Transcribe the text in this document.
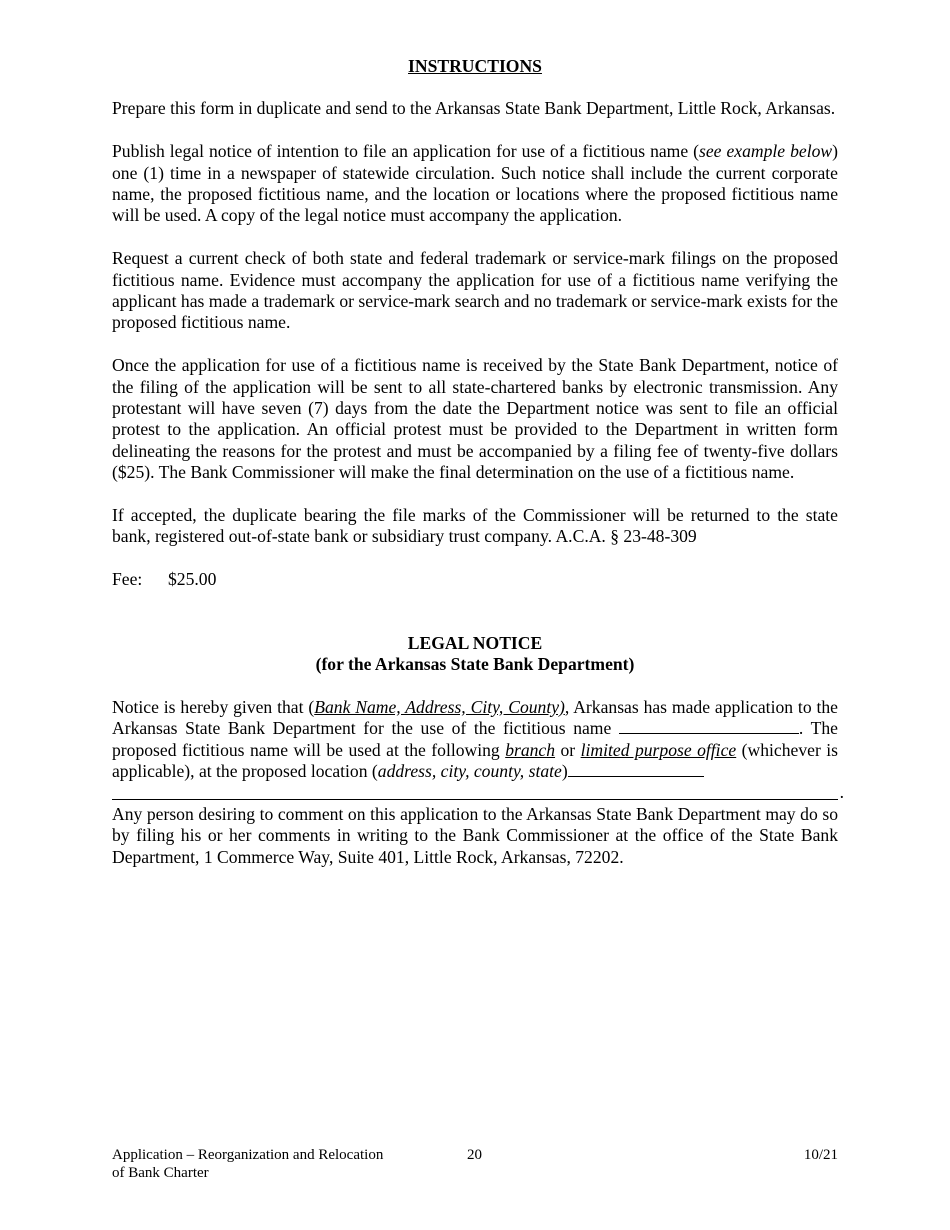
INSTRUCTIONS

Prepare this form in duplicate and send to the Arkansas State Bank Department, Little Rock, Arkansas.

Publish legal notice of intention to file an application for use of a fictitious name (see example below) one (1) time in a newspaper of statewide circulation. Such notice shall include the current corporate name, the proposed fictitious name, and the location or locations where the proposed fictitious name will be used. A copy of the legal notice must accompany the application.

Request a current check of both state and federal trademark or service-mark filings on the proposed fictitious name. Evidence must accompany the application for use of a fictitious name verifying the applicant has made a trademark or service-mark search and no trademark or service-mark exists for the proposed fictitious name.

Once the application for use of a fictitious name is received by the State Bank Department, notice of the filing of the application will be sent to all state-chartered banks by electronic transmission. Any protestant will have seven (7) days from the date the Department notice was sent to file an official protest to the application. An official protest must be provided to the Department in written form delineating the reasons for the protest and must be accompanied by a filing fee of twenty-five dollars ($25). The Bank Commissioner will make the final determination on the use of a fictitious name.

If accepted, the duplicate bearing the file marks of the Commissioner will be returned to the state bank, registered out-of-state bank or subsidiary trust company. A.C.A. § 23-48-309

Fee: $25.00
LEGAL NOTICE
(for the Arkansas State Bank Department)

Notice is hereby given that (Bank Name, Address, City, County), Arkansas has made application to the Arkansas State Bank Department for the use of the fictitious name	. The proposed fictitious name will be used at the following branch or limited purpose office (whichever is applicable), at the proposed location (address, city, county, state)

.

Any person desiring to comment on this application to the Arkansas State Bank Department may do so by filing his or her comments in writing to the Bank Commissioner at the office of the State Bank Department, 1 Commerce Way, Suite 401, Little Rock, Arkansas, 72202.

Application – Reorganization and Relocation
of Bank Charter
20	10/21
